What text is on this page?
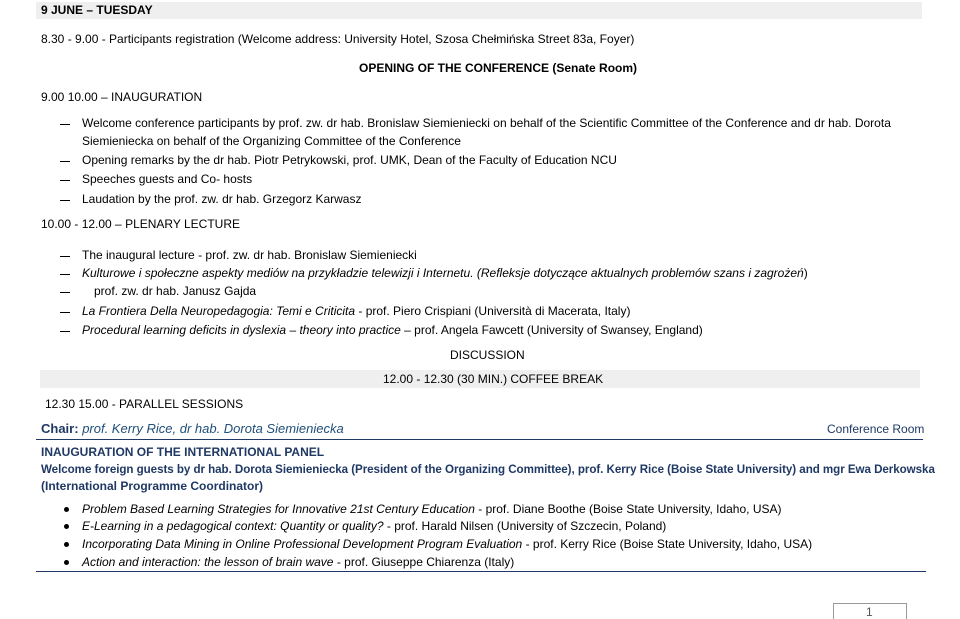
9 JUNE – TUESDAY
8.30 - 9.00 - Participants registration (Welcome address: University Hotel, Szosa Chełmińska Street 83a, Foyer)
OPENING OF THE CONFERENCE (Senate Room)
9.00 10.00 – INAUGURATION
Welcome conference participants by prof. zw. dr hab. Bronislaw Siemieniecki on behalf of the Scientific Committee of the Conference and dr hab. Dorota
Siemieniecka on behalf of the Organizing Committee of the Conference
Opening remarks by the dr hab. Piotr Petrykowski, prof. UMK, Dean of the Faculty of Education NCU
Speeches guests and Co- hosts
Laudation by the prof. zw. dr hab. Grzegorz Karwasz
10.00 - 12.00 – PLENARY LECTURE
The inaugural lecture - prof. zw. dr hab. Bronislaw Siemieniecki
Kulturowe i społeczne aspekty mediów na przykładzie telewizji i Internetu. (Refleksje dotyczące aktualnych problemów szans i zagrożeń)
prof. zw. dr hab. Janusz Gajda
La Frontiera Della Neuropedagogia: Temi e Criticita - prof. Piero Crispiani (Università di Macerata, Italy)
Procedural learning deficits in dyslexia – theory into practice – prof. Angela Fawcett (University of Swansey, England)
DISCUSSION
12.00 - 12.30 (30 MIN.) COFFEE BREAK
12.30 15.00 - PARALLEL SESSIONS
Chair: prof. Kerry Rice, dr hab. Dorota Siemieniecka	Conference Room
INAUGURATION OF THE INTERNATIONAL PANEL
Welcome foreign guests by dr hab. Dorota Siemieniecka (President of the Organizing Committee), prof. Kerry Rice (Boise State University) and mgr Ewa Derkowska
(International Programme Coordinator)
Problem Based Learning Strategies for Innovative 21st Century Education - prof. Diane Boothe (Boise State University, Idaho, USA)
E-Learning in a pedagogical context: Quantity or quality? - prof. Harald Nilsen (University of Szczecin, Poland)
Incorporating Data Mining in Online Professional Development Program Evaluation - prof. Kerry Rice (Boise State University, Idaho, USA)
Action and interaction: the lesson of brain wave - prof. Giuseppe Chiarenza (Italy)
1
